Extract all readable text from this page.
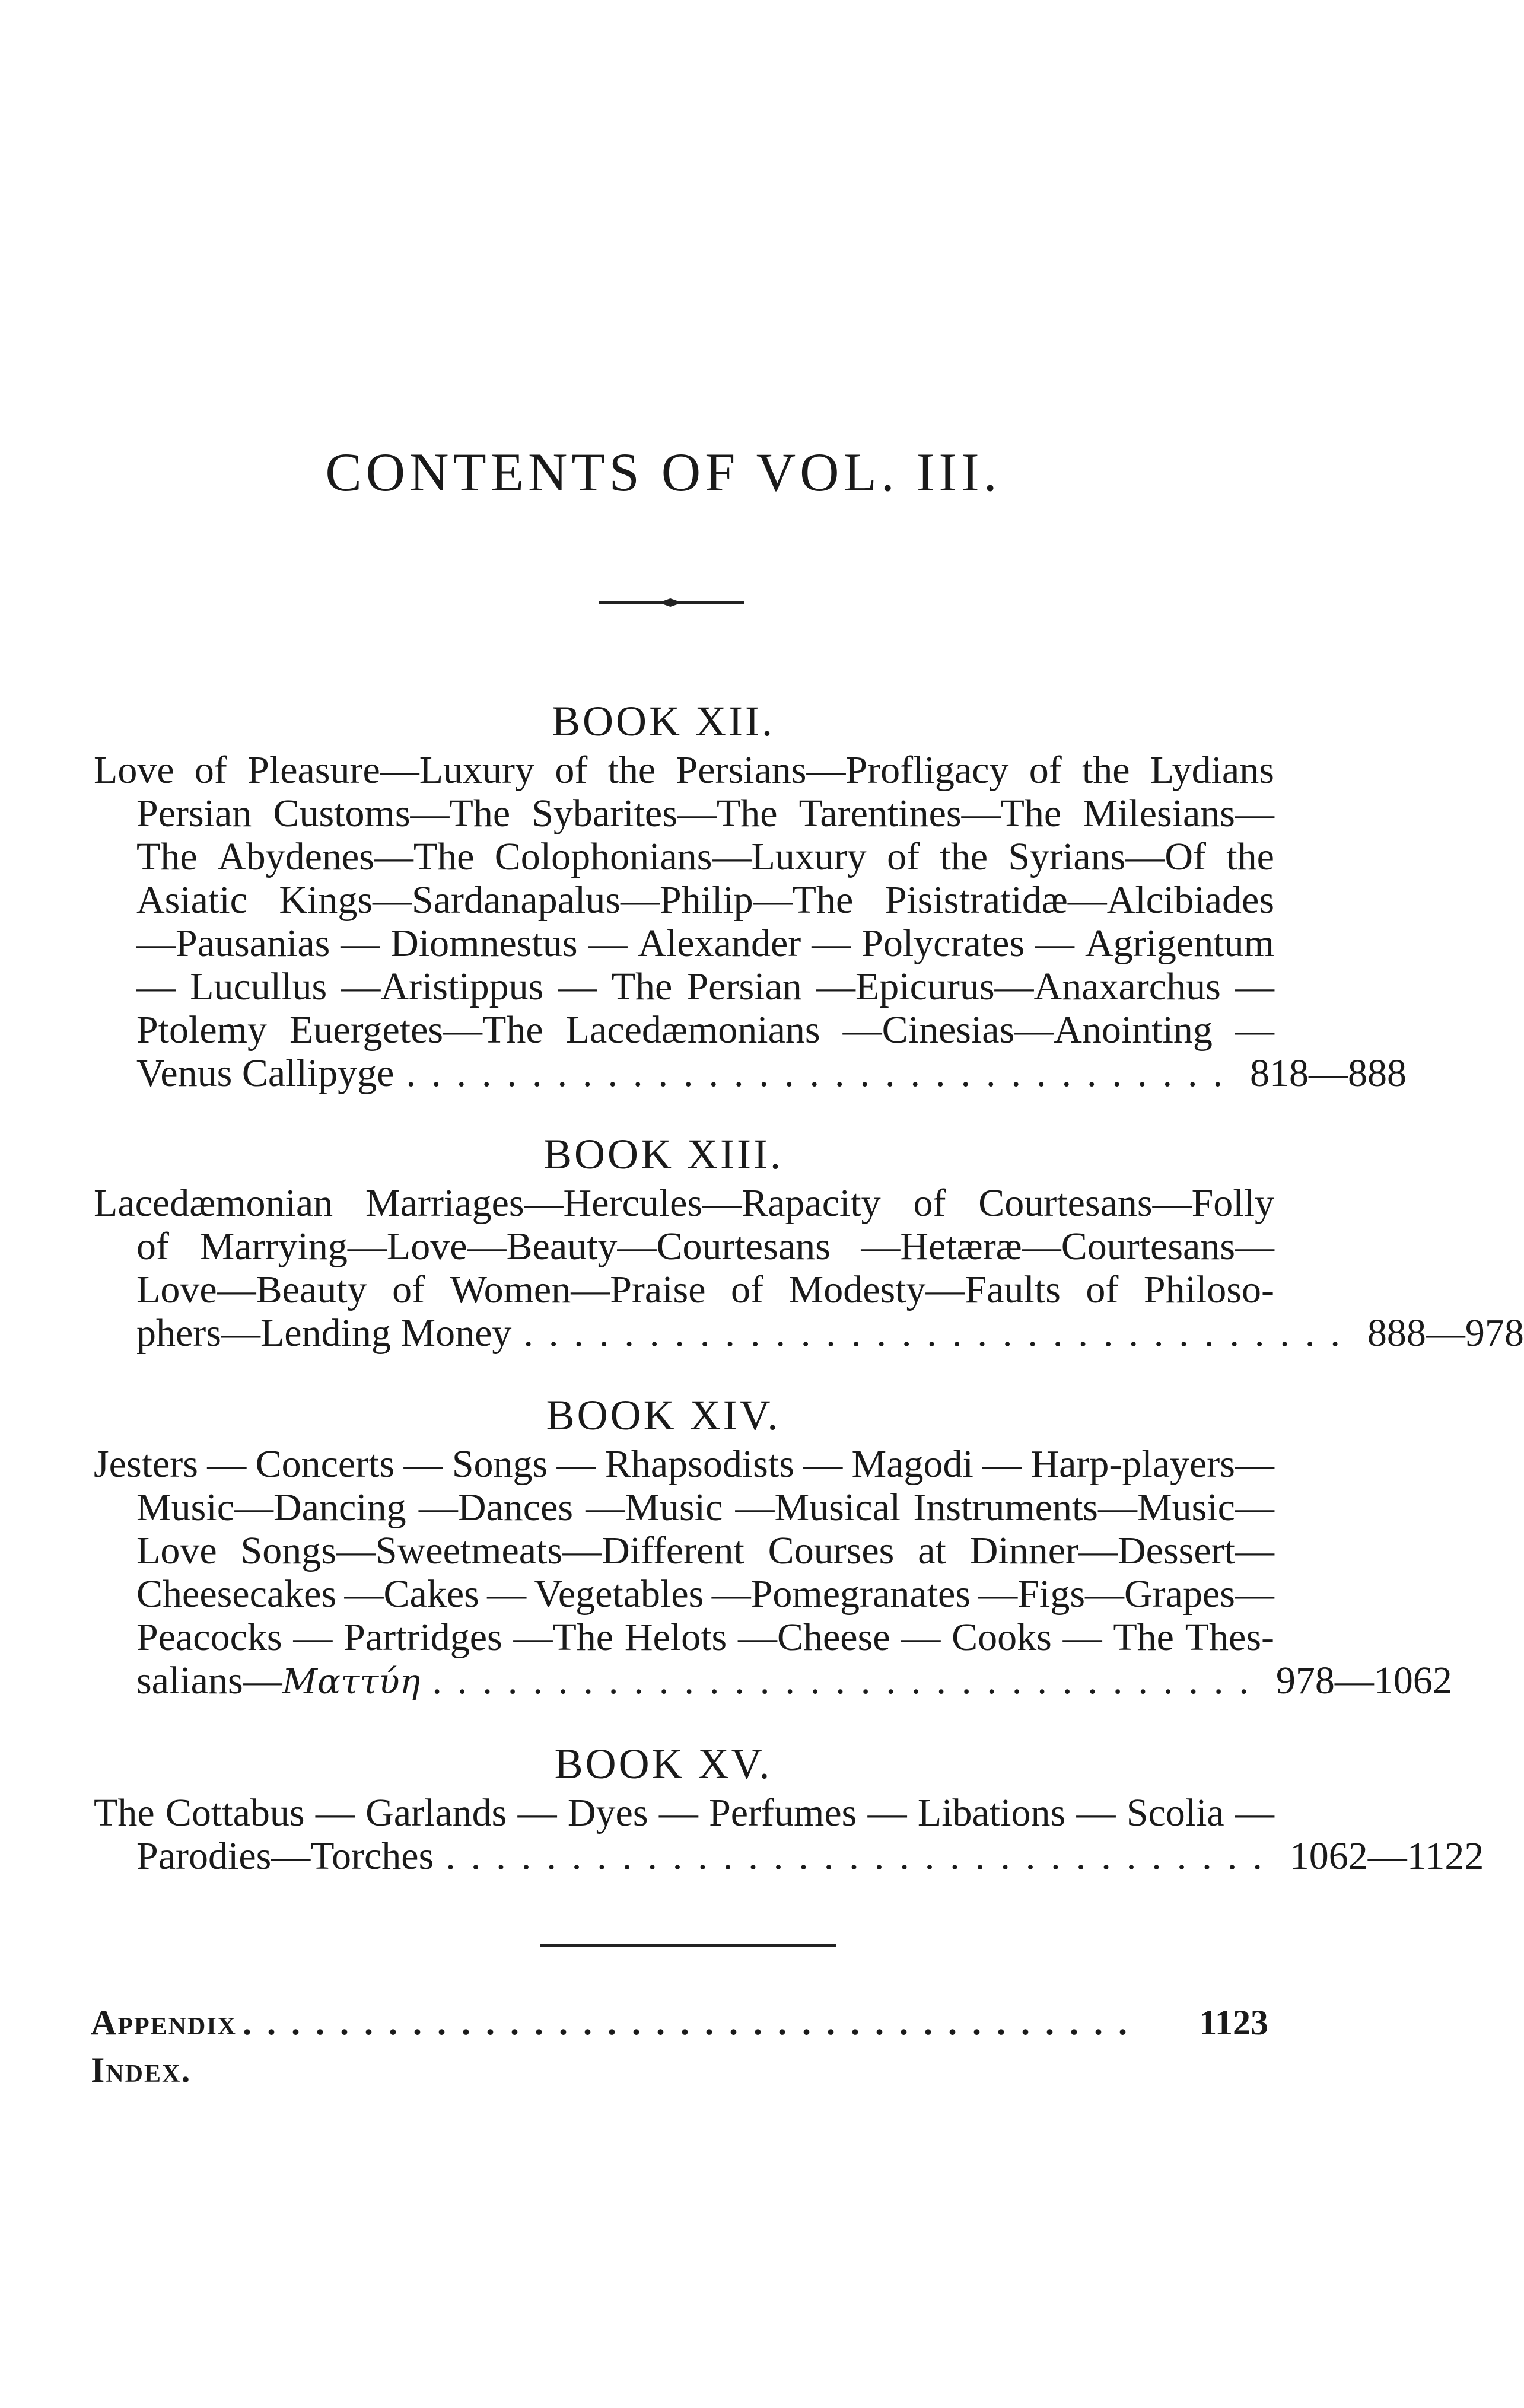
CONTENTS OF VOL. III.
BOOK XII.
Love of Pleasure—Luxury of the Persians—Profligacy of the Lydians
Persian Customs—The Sybarites—The Tarentines—The Milesians—
The Abydenes—The Colophonians—Luxury of the Syrians—Of the
Asiatic Kings—Sardanapalus—Philip—The Pisistratidæ—Alcibiades
—Pausanias — Diomnestus — Alexander — Polycrates — Agrigentum
— Lucullus —Aristippus — The Persian —Epicurus—Anaxarchus —
Ptolemy Euergetes—The Lacedæmonians —Cinesias—Anointing —
Venus Callipyge ................................. 818—888
BOOK XIII.
Lacedæmonian Marriages—Hercules—Rapacity of Courtesans—Folly
of Marrying—Love—Beauty—Courtesans —Hetæræ—Courtesans—
Love—Beauty of Women—Praise of Modesty—Faults of Philoso-
phers—Lending Money ................................. 888—978
BOOK XIV.
Jesters — Concerts — Songs — Rhapsodists — Magodi — Harp-players—
Music—Dancing —Dances —Music —Musical Instruments—Music—
Love Songs—Sweetmeats—Different Courses at Dinner—Dessert—
Cheesecakes —Cakes — Vegetables —Pomegranates —Figs—Grapes—
Peacocks — Partridges —The Helots —Cheese — Cooks — The Thes-
salians—Ματτύη ................................. 978—1062
BOOK XV.
The Cottabus — Garlands — Dyes — Perfumes — Libations — Scolia —
Parodies—Torches ................................. 1062—1122
Appendix .....................................	1123
Index.
